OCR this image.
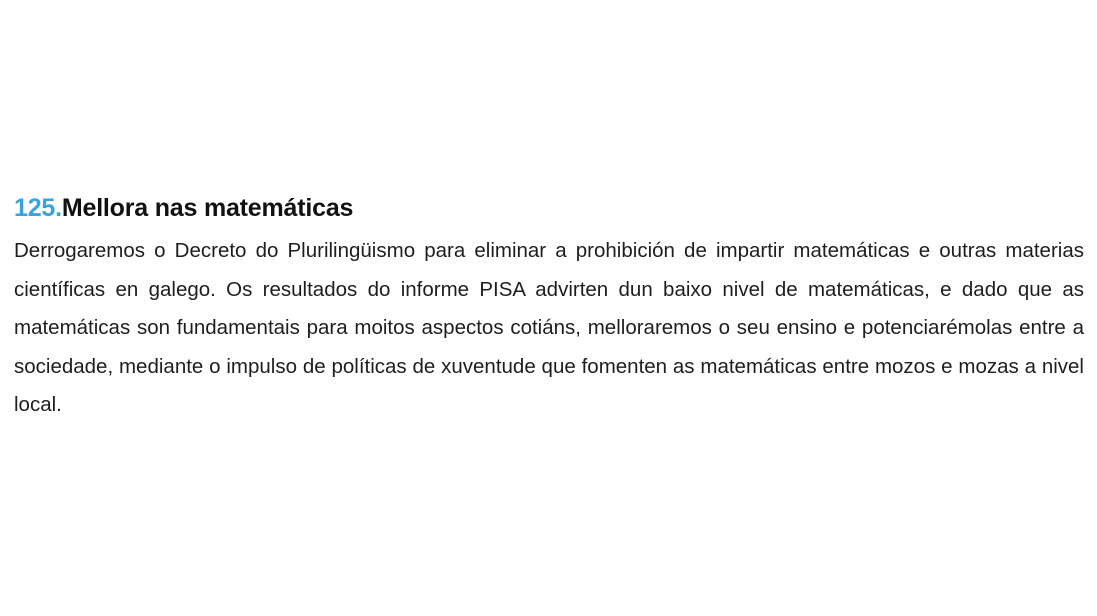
125.Mellora nas matemáticas

Derrogaremos o Decreto do Plurilingüismo para eliminar a prohibición de impartir matemáticas e outras materias científicas en galego. Os resultados do informe PISA advirten dun baixo nivel de matemáticas, e dado que as matemáticas son fundamentais para moitos aspectos cotiáns, melloraremos o seu ensino e potenciarémolas entre a sociedade, mediante o impulso de políticas de xuventude que fomenten as matemáticas entre mozos e mozas a nivel local.
